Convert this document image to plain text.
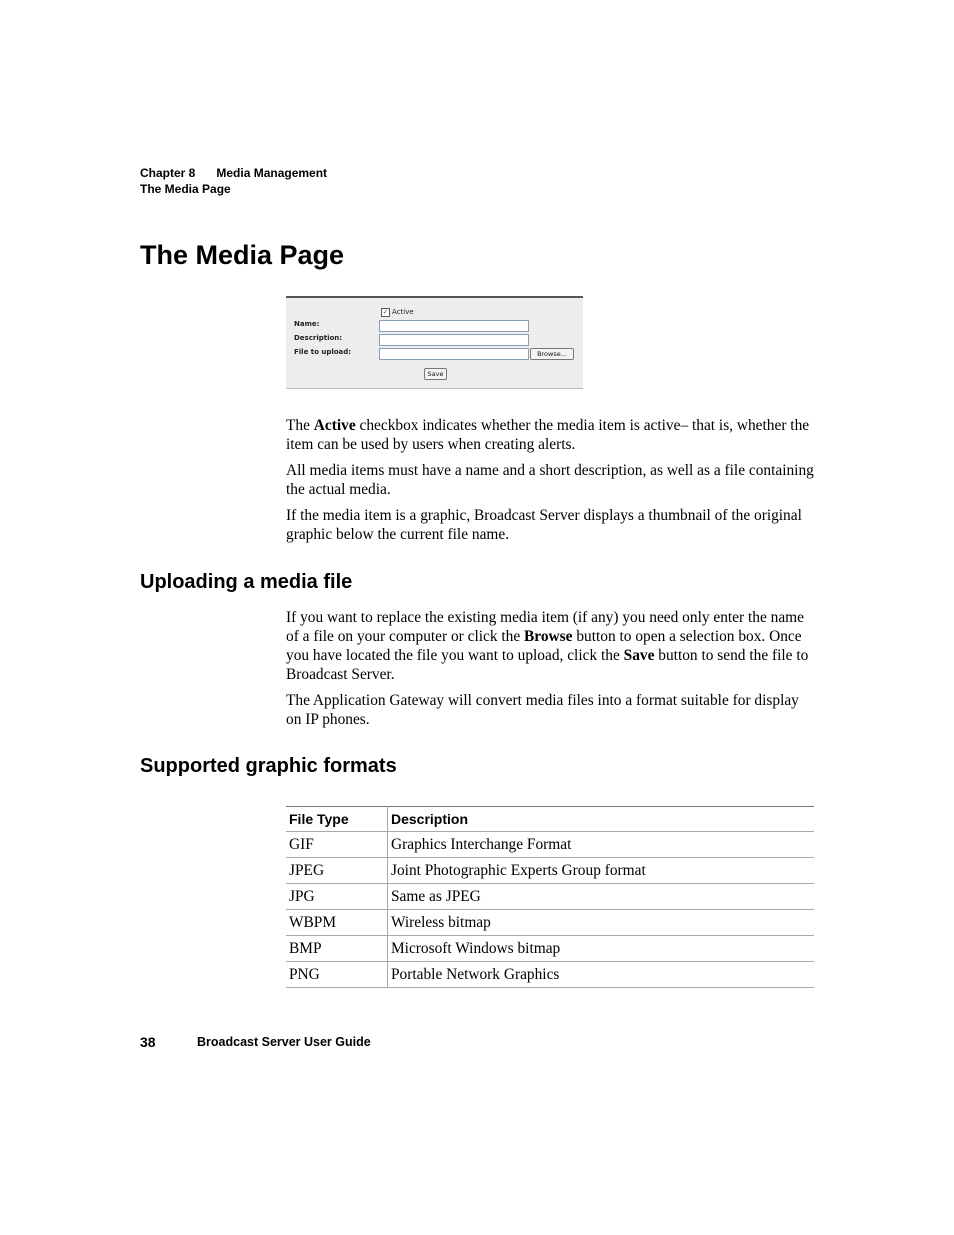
Chapter 8 Media Management
The Media Page
The Media Page
✓ Active
Name:
Description:
File to upload:	Browse...
Save

The Active checkbox indicates whether the media item is active– that is, whether the item can be used by users when creating alerts.

All media items must have a name and a short description, as well as a file containing the actual media.

If the media item is a graphic, Broadcast Server displays a thumbnail of the original graphic below the current file name.

Uploading a media file

If you want to replace the existing media item (if any) you need only enter the name of a file on your computer or click the Browse button to open a selection box. Once you have located the file you want to upload, click the Save button to send the file to Broadcast Server.

The Application Gateway will convert media files into a format suitable for display on IP phones.

Supported graphic formats
File Type	Description
GIF	Graphics Interchange Format
JPEG	Joint Photographic Experts Group format
JPG	Same as JPEG
WBPM	Wireless bitmap
BMP	Microsoft Windows bitmap
PNG	Portable Network Graphics
38	Broadcast Server User Guide
